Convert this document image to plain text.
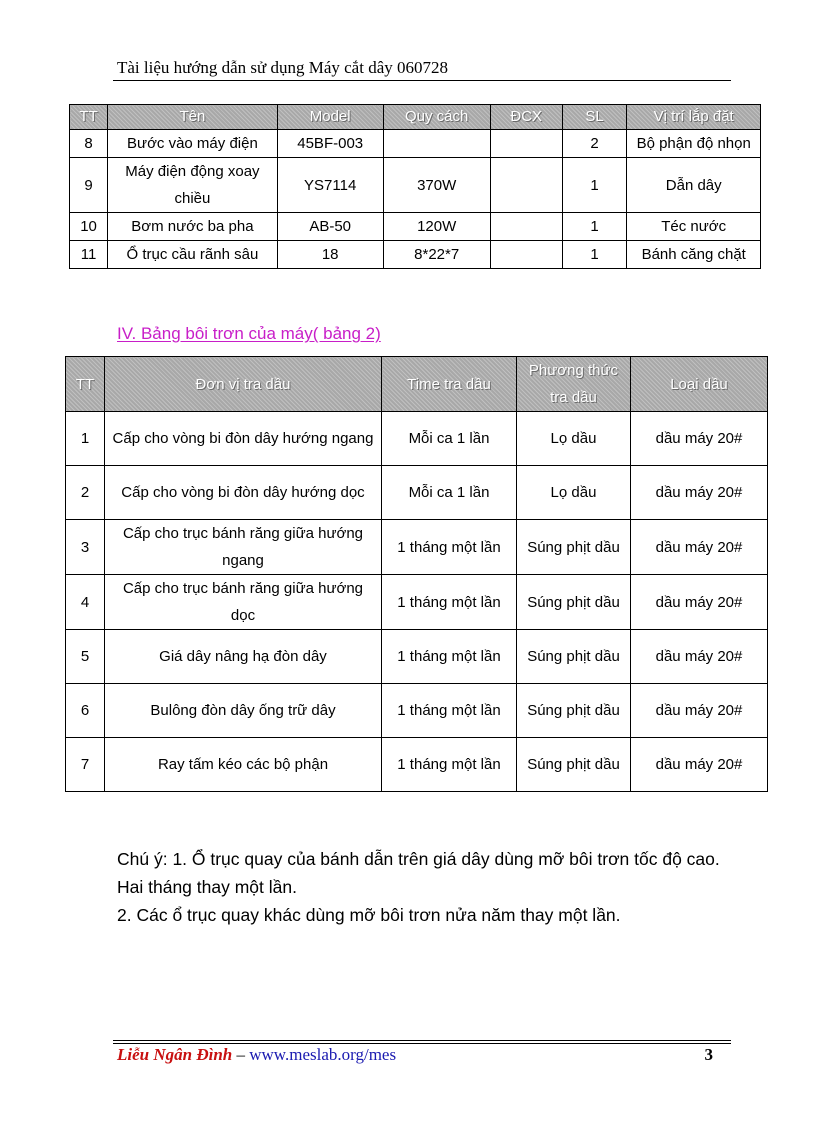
Tài liệu hướng dẫn sử dụng Máy cắt dây 060728
TT	Tên	Model	Quy cách	ĐCX	SL	Vị trí lắp đặt
8	Bước vào máy điện	45BF-003			2	Bộ phận độ nhọn
9	Máy điện động xoay chiều	YS7114	370W		1	Dẫn dây
10	Bơm nước ba pha	AB-50	120W		1	Téc nước
11	Ổ trục cầu rãnh sâu	18	8*22*7		1	Bánh căng chặt
IV. Bảng bôi trơn của máy( bảng 2)
TT	Đơn vị tra dầu	Time tra dầu	Phương thức tra dầu	Loại dầu
1	Cấp cho vòng bi đòn dây hướng ngang	Mỗi ca 1 lần	Lọ dầu	dầu máy 20#
2	Cấp cho vòng bi đòn dây hướng dọc	Mỗi ca 1 lần	Lọ dầu	dầu máy 20#
3	Cấp cho trục bánh răng giữa hướng ngang	1 tháng một lần	Súng phịt dầu	dầu máy 20#
4	Cấp cho trục bánh răng giữa hướng dọc	1 tháng một lần	Súng phịt dầu	dầu máy 20#
5	Giá dây nâng hạ đòn dây	1 tháng một lần	Súng phịt dầu	dầu máy 20#
6	Bulông đòn dây ống trữ dây	1 tháng một lần	Súng phịt dầu	dầu máy 20#
7	Ray tấm kéo các bộ phận	1 tháng một lần	Súng phịt dầu	dầu máy 20#

Chú ý: 1. Ổ trục quay của bánh dẫn trên giá dây dùng mỡ bôi trơn tốc độ cao. Hai tháng thay một lần.

2. Các ổ trục quay khác dùng mỡ bôi trơn nửa năm thay một lần.

Liễu Ngân Đình – www.meslab.org/mes	3
